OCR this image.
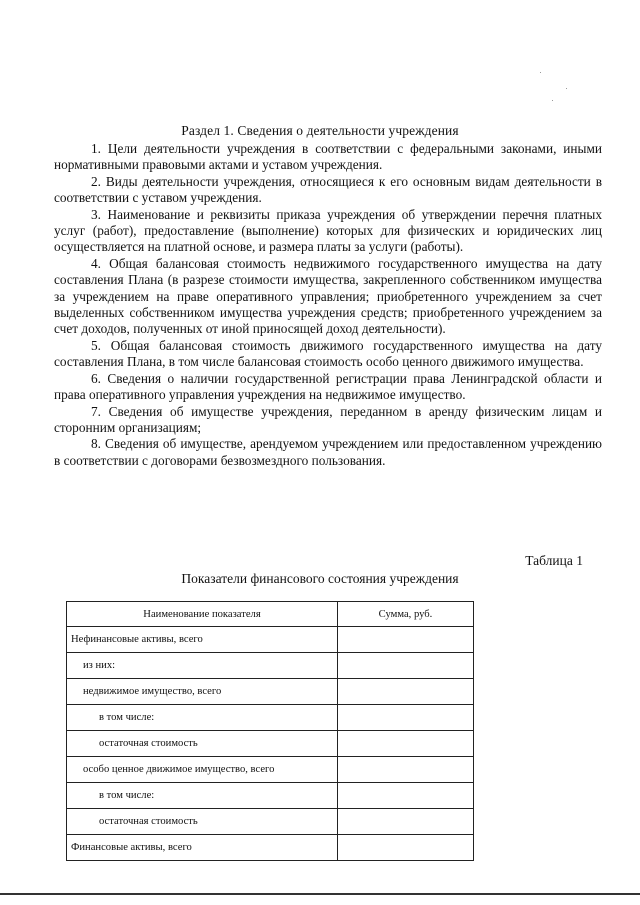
Раздел 1. Сведения о деятельности учреждения

1. Цели деятельности учреждения в соответствии с федеральными законами, иными нормативными правовыми актами и уставом учреждения.

2. Виды деятельности учреждения, относящиеся к его основным видам деятельности в соответствии с уставом учреждения.

3. Наименование и реквизиты приказа учреждения об утверждении перечня платных услуг (работ), предоставление (выполнение) которых для физических и юридических лиц осуществляется на платной основе, и размера платы за услуги (работы).

4. Общая балансовая стоимость недвижимого государственного имущества на дату составления Плана (в разрезе стоимости имущества, закрепленного собственником имущества за учреждением на праве оперативного управления; приобретенного учреждением за счет выделенных собственником имущества учреждения средств; приобретенного учреждением за счет доходов, полученных от иной приносящей доход деятельности).

5. Общая балансовая стоимость движимого государственного имущества на дату составления Плана, в том числе балансовая стоимость особо ценного движимого имущества.

6. Сведения о наличии государственной регистрации права Ленинградской области и права оперативного управления учреждения на недвижимое имущество.

7. Сведения об имуществе учреждения, переданном в аренду физическим лицам и сторонним организациям;

8. Сведения об имуществе, арендуемом учреждением или предоставленном учреждению в соответствии с договорами безвозмездного пользования.

Таблица 1
Показатели финансового состояния учреждения
Наименование показателя	Сумма, руб.
Нефинансовые активы, всего	
из них:	
недвижимое имущество, всего	
в том числе:	
остаточная стоимость	
особо ценное движимое имущество, всего	
в том числе:	
остаточная стоимость	
Финансовые активы, всего	
